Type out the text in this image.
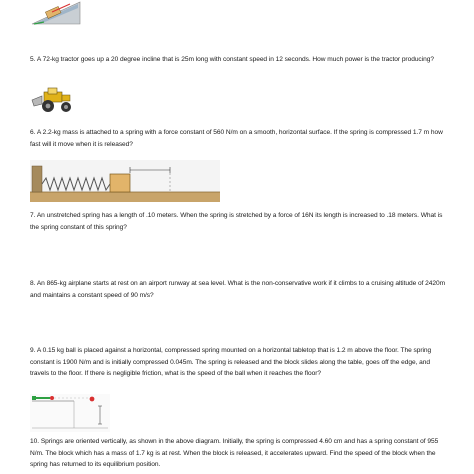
5. A 72-kg tractor goes up a 20 degree incline that is 25m long with constant speed in 12 seconds. How much power is the tractor producing?

6. A 2.2-kg mass is attached to a spring with a force constant of 560 N/m on a smooth, horizontal surface. If the spring is compressed 1.7 m how fast will it move when it is released?

7. An unstretched spring has a length of .10 meters. When the spring is stretched by a force of 16N its length is increased to .18 meters. What is the spring constant of this spring?

8. An 865-kg airplane starts at rest on an airport runway at sea level. What is the non-conservative work if it climbs to a cruising altitude of 2420m and maintains a constant speed of 90 m/s?

9. A 0.15 kg ball is placed against a horizontal, compressed spring mounted on a horizontal tabletop that is 1.2 m above the floor. The spring constant is 1900 N/m and is initially compressed 0.045m. The spring is released and the block slides along the table, goes off the edge, and travels to the floor. If there is negligible friction, what is the speed of the ball when it reaches the floor?

10. Springs are oriented vertically, as shown in the above diagram. Initially, the spring is compressed 4.60 cm and has a spring constant of 955 N/m. The block which has a mass of 1.7 kg is at rest. When the block is released, it accelerates upward. Find the speed of the block when the spring has returned to its equilibrium position.
